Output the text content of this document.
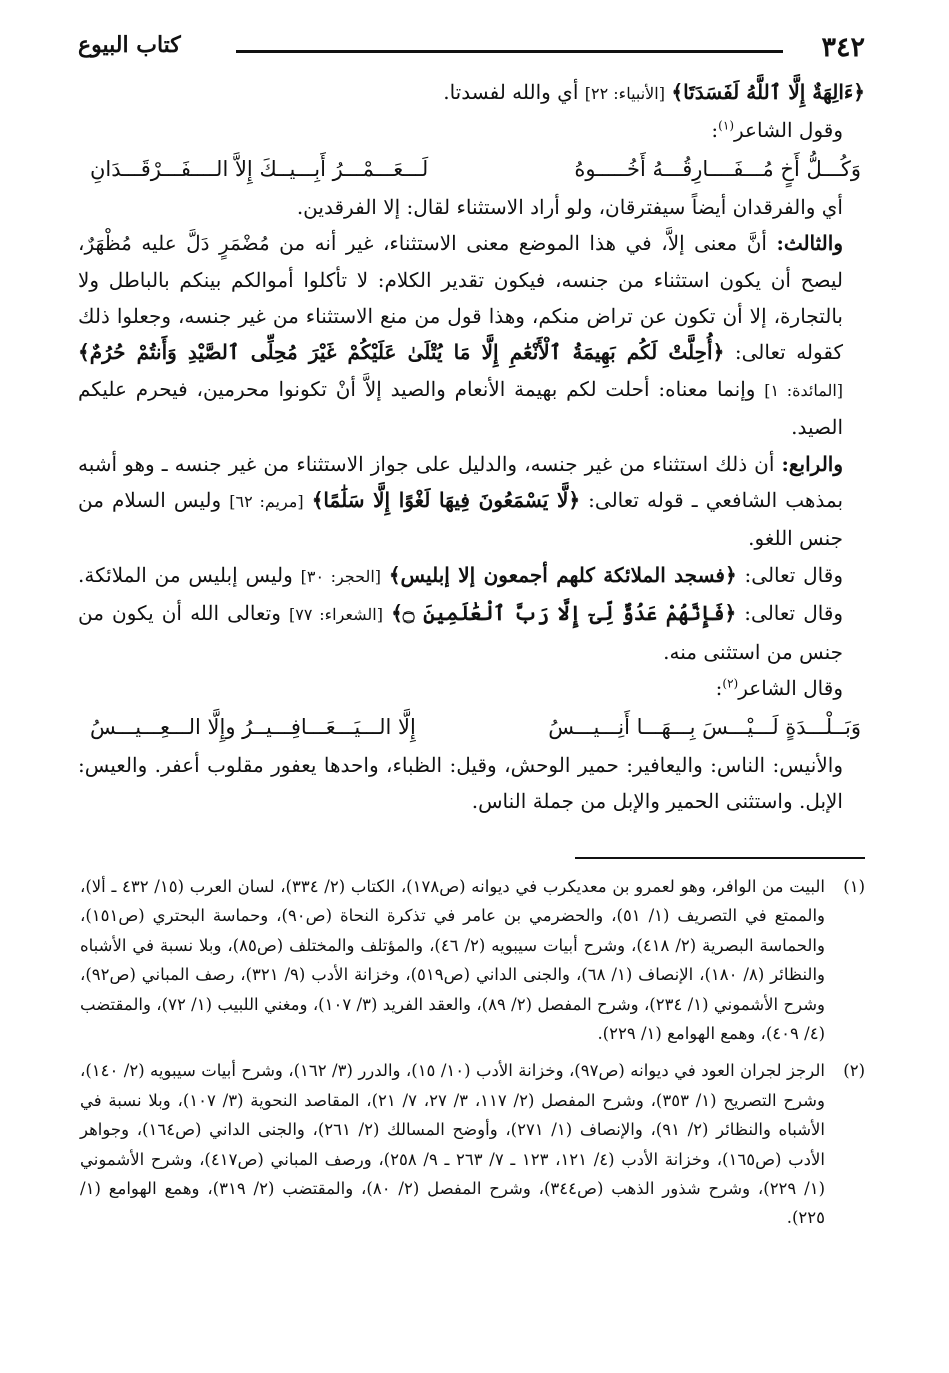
٣٤٢
كتاب البيوع

﴿ءَالِهَةٌ إِلَّا ٱللَّهُ لَفَسَدَتَا﴾ [الأنبياء: ٢٢] أي والله لفسدتا.

وقول الشاعر$^{(١)}$:

وَكُـــلُّ أَخٍ مُـــفَــــارِقُـــهُ أَخُـــــوهُ
لَـــعَـــمْـــرُ أَبِـــيــكَ إِلاَّ الــــفَـــرْقَـــدَانِ

أي والفرقدان أيضاً سيفترقان، ولو أراد الاستثناء لقال: إلا الفرقدين.

والثالث: أنَّ معنى إلاَّ، في هذا الموضع معنى الاستثناء، غير أنه من مُضْمَرٍ دَلَّ عليه مُظْهَرٌ، ليصح أن يكون استثناء من جنسه، فيكون تقدير الكلام: لا تأكلوا أموالكم بينكم بالباطل ولا بالتجارة، إلا أن تكون عن تراض منكم، وهذا قول من منع الاستثناء من غير جنسه، وجعلوا ذلك كقوله تعالى: ﴿أُحِلَّتْ لَكُم بَهِيمَةُ ٱلْأَنْعَٰمِ إِلَّا مَا يُتْلَىٰ عَلَيْكُمْ غَيْرَ مُحِلِّى ٱلصَّيْدِ وَأَنتُمْ حُرُمٌ﴾ [المائدة: ١] وإنما معناه: أحلت لكم بهيمة الأنعام والصيد إلاَّ أنْ تكونوا محرمين، فيحرم عليكم الصيد.

والرابع: أن ذلك استثناء من غير جنسه، والدليل على جواز الاستثناء من غير جنسه ـ وهو أشبه بمذهب الشافعي ـ قوله تعالى: ﴿لَّا يَسْمَعُونَ فِيهَا لَغْوًا إِلَّا سَلَٰمًا﴾ [مريم: ٦٢] وليس السلام من جنس اللغو.

وقال تعالى: ﴿فسجد الملائكة كلهم أجمعون إلا إبليس﴾ [الحجر: ٣٠] وليس إبليس من الملائكة. وقال تعالى: ﴿فَإِنَّهُمْ عَدُوٌّ لِّىٓ إِلَّا رَبَّ ٱلْعَٰلَمِينَ ۝﴾ [الشعراء: ٧٧] وتعالى الله أن يكون من جنس من استثنى منه.

وقال الشاعر$^{(٢)}$:

وَبَــلْـــدَةٍ لَـــيْـــسَ بِـــهَـــا أَنِـــيـــسُ
إِلَّا الـــيَـــعَـــافِـــيــرُ وإِلَّا الـــعِـــيـــسُ

والأنيس: الناس: واليعافير: حمير الوحش، وقيل: الظباء، واحدها يعفور مقلوب أعفر. والعيس: الإبل. واستثنى الحمير والإبل من جملة الناس.

(١)
البيت من الوافر، وهو لعمرو بن معديكرب في ديوانه (ص١٧٨)، الكتاب (٢/ ٣٣٤)، لسان العرب (١٥/ ٤٣٢ ـ ألا)، والممتع في التصريف (١/ ٥١)، والحضرمي بن عامر في تذكرة النحاة (ص٩٠)، وحماسة البحتري (ص١٥١)، والحماسة البصرية (٢/ ٤١٨)، وشرح أبيات سيبويه (٢/ ٤٦)، والمؤتلف والمختلف (ص٨٥)، وبلا نسبة في الأشباه والنظائر (٨/ ١٨٠)، الإنصاف (١/ ٦٨)، والجنى الداني (ص٥١٩)، وخزانة الأدب (٩/ ٣٢١)، رصف المباني (ص٩٢)، وشرح الأشموني (١/ ٢٣٤)، وشرح المفصل (٢/ ٨٩)، والعقد الفريد (٣/ ١٠٧)، ومغني اللبيب (١/ ٧٢)، والمقتضب (٤/ ٤٠٩)، وهمع الهوامع (١/ ٢٢٩).
(٢)
الرجز لجران العود في ديوانه (ص٩٧)، وخزانة الأدب (١٠/ ١٥)، والدرر (٣/ ١٦٢)، وشرح أبيات سيبويه (٢/ ١٤٠)، وشرح التصريح (١/ ٣٥٣)، وشرح المفصل (٢/ ١١٧، ٣/ ٢٧، ٧/ ٢١)، المقاصد النحوية (٣/ ١٠٧)، وبلا نسبة في الأشباه والنظائر (٢/ ٩١)، والإنصاف (١/ ٢٧١)، وأوضح المسالك (٢/ ٢٦١)، والجنى الداني (ص١٦٤)، وجواهر الأدب (ص١٦٥)، وخزانة الأدب (٤/ ١٢١، ١٢٣ ـ ٧/ ٢٦٣ ـ ٩/ ٢٥٨)، ورصف المباني (ص٤١٧)، وشرح الأشموني (١/ ٢٢٩)، وشرح شذور الذهب (ص٣٤٤)، وشرح المفصل (٢/ ٨٠)، والمقتضب (٢/ ٣١٩)، وهمع الهوامع (١/ ٢٢٥).
